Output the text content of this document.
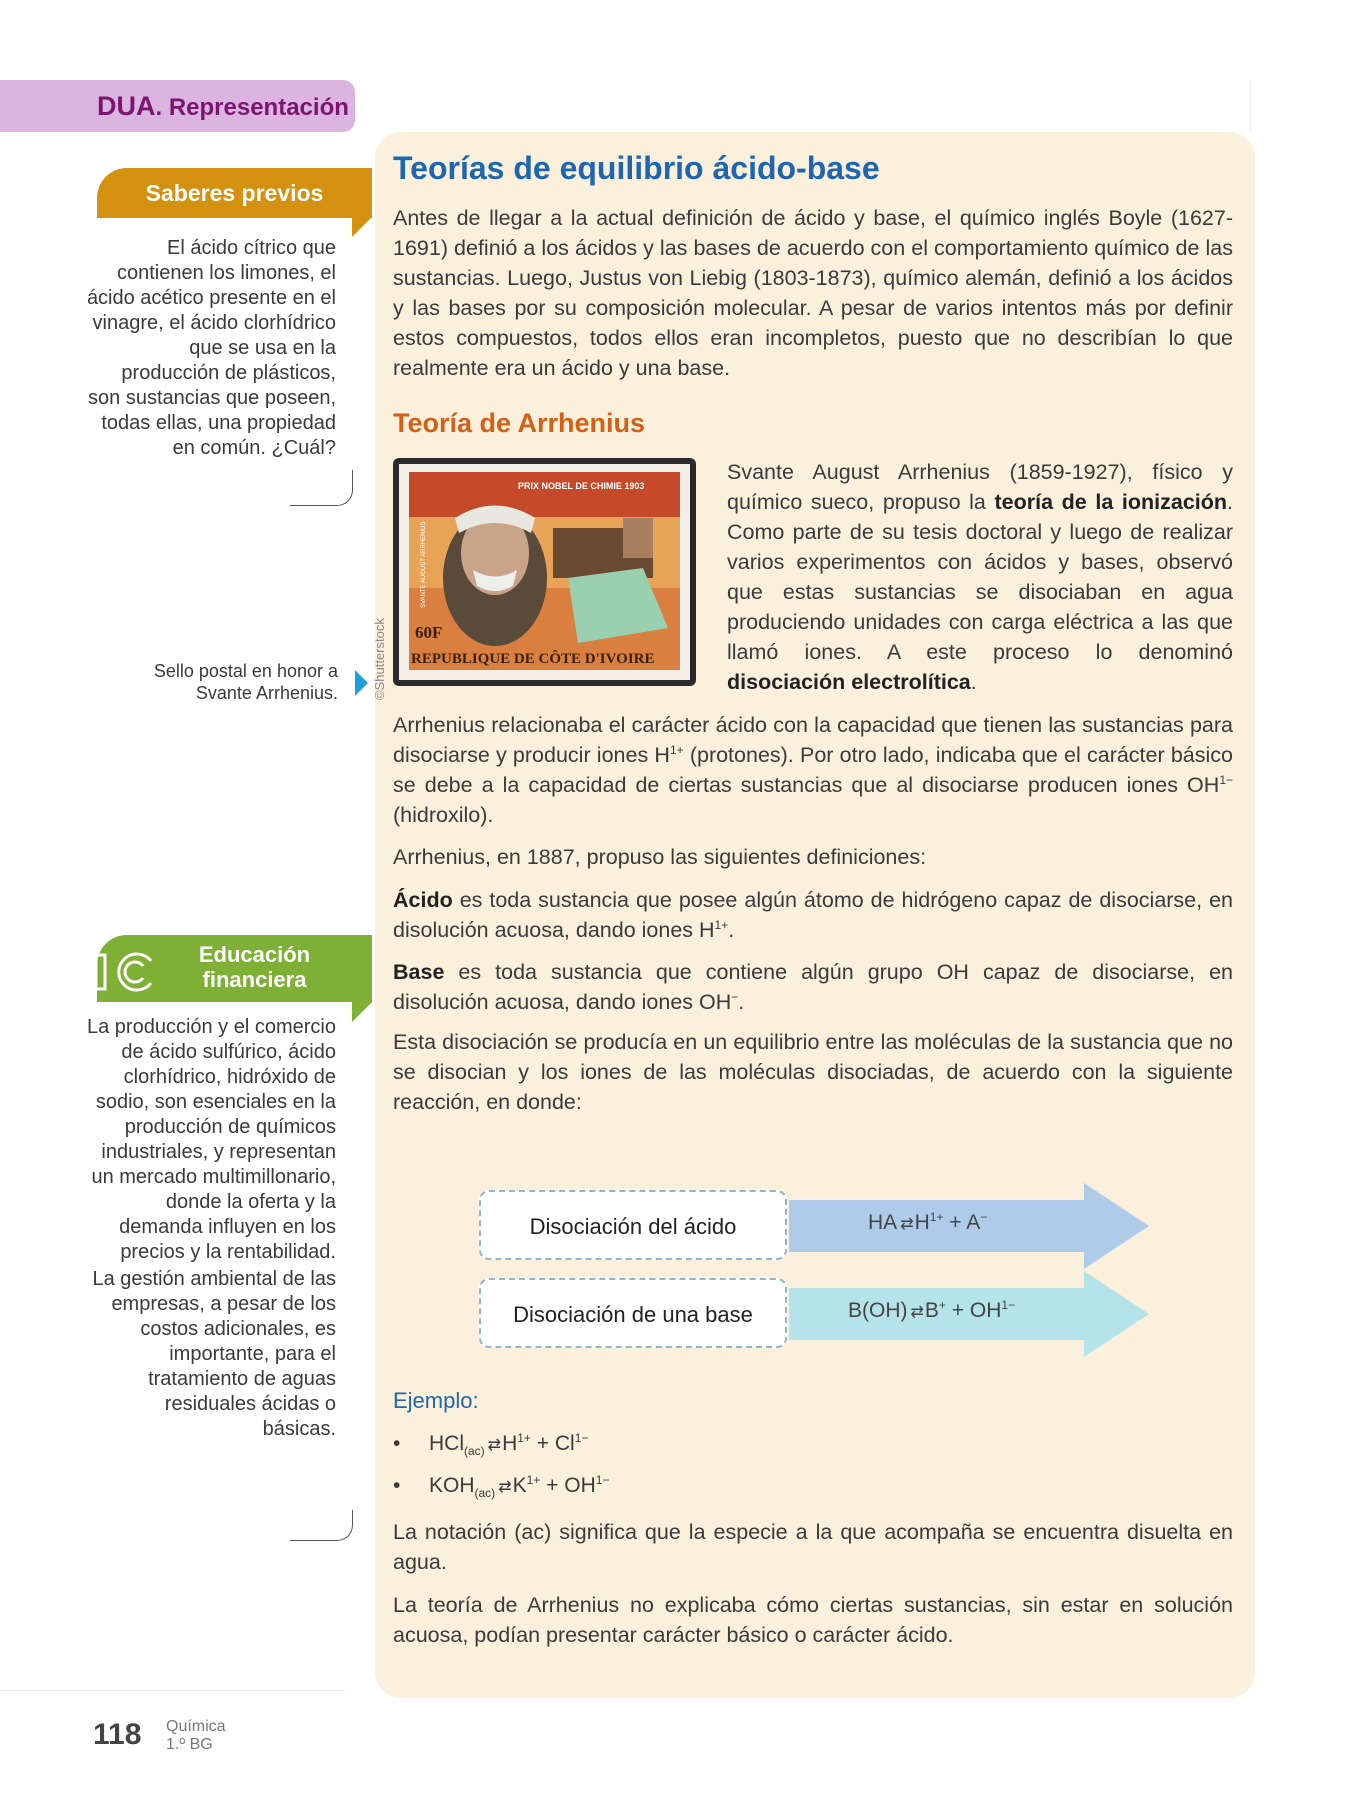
DUA. Representación
Saberes previos
El ácido cítrico que contienen los limones, el ácido acético presente en el vinagre, el ácido clorhídrico que se usa en la producción de plásticos, son sustancias que poseen, todas ellas, una propiedad en común. ¿Cuál?
Sello postal en honor a Svante Arrhenius.	©Shutterstock
Educación
financiera
La producción y el comercio de ácido sulfúrico, ácido clorhídrico, hidróxido de sodio, son esenciales en la producción de químicos industriales, y representan un mercado multimillonario, donde la oferta y la demanda influyen en los precios y la rentabilidad.
La gestión ambiental de las empresas, a pesar de los costos adicionales, es importante, para el tratamiento de aguas residuales ácidas o básicas.
Teorías de equilibrio ácido-base
Antes de llegar a la actual definición de ácido y base, el químico inglés Boyle (1627-1691) definió a los ácidos y las bases de acuerdo con el comportamiento químico de las sustancias. Luego, Justus von Liebig (1803-1873), químico alemán, definió a los ácidos y las bases por su composición molecular. A pesar de varios intentos más por definir estos compuestos, todos ellos eran incompletos, puesto que no describían lo que realmente era un ácido y una base.
Teoría de Arrhenius
PRIX NOBEL DE CHIMIE 1903
60F
REPUBLIQUE DE CÔTE D'IVOIRE
SVANTE AUGUST ARRHENIUS
Svante August Arrhenius (1859-1927), físico y químico sueco, propuso la teoría de la ionización. Como parte de su tesis doctoral y luego de realizar varios experimentos con ácidos y bases, observó que estas sustancias se disociaban en agua produciendo unidades con carga eléctrica a las que llamó iones. A este proceso lo denominó disociación electrolítica.
Arrhenius relacionaba el carácter ácido con la capacidad que tienen las sustancias para disociarse y producir iones $H^{1+}$ (protones). Por otro lado, indicaba que el carácter básico se debe a la capacidad de ciertas sustancias que al disociarse producen iones $OH^{1-}$ (hidroxilo).
Arrhenius, en 1887, propuso las siguientes definiciones:
Ácido es toda sustancia que posee algún átomo de hidrógeno capaz de disociarse, en disolución acuosa, dando iones $H^{1+}$.
Base es toda sustancia que contiene algún grupo OH capaz de disociarse, en disolución acuosa, dando iones OH−.
Esta disociación se producía en un equilibrio entre las moléculas de la sustancia que no se disocian y los iones de las moléculas disociadas, de acuerdo con la siguiente reacción, en donde:
Disociación del ácido
Disociación de una base
HA ⇄ $H^{1+} + A^-$
B(OH) ⇄ $B^+ + OH^{1-}$
Ejemplo:
• HCl$_{(ac)}$ ⇄ $H^{1+} + Cl^{1-}$
• $KOH_{(ac)}$ ⇄ $K^{1+} + OH^{1-}$
La notación (ac) significa que la especie a la que acompaña se encuentra disuelta en agua.
La teoría de Arrhenius no explicaba cómo ciertas sustancias, sin estar en solución acuosa, podían presentar carácter básico o carácter ácido.
118 Química
1.º BG
